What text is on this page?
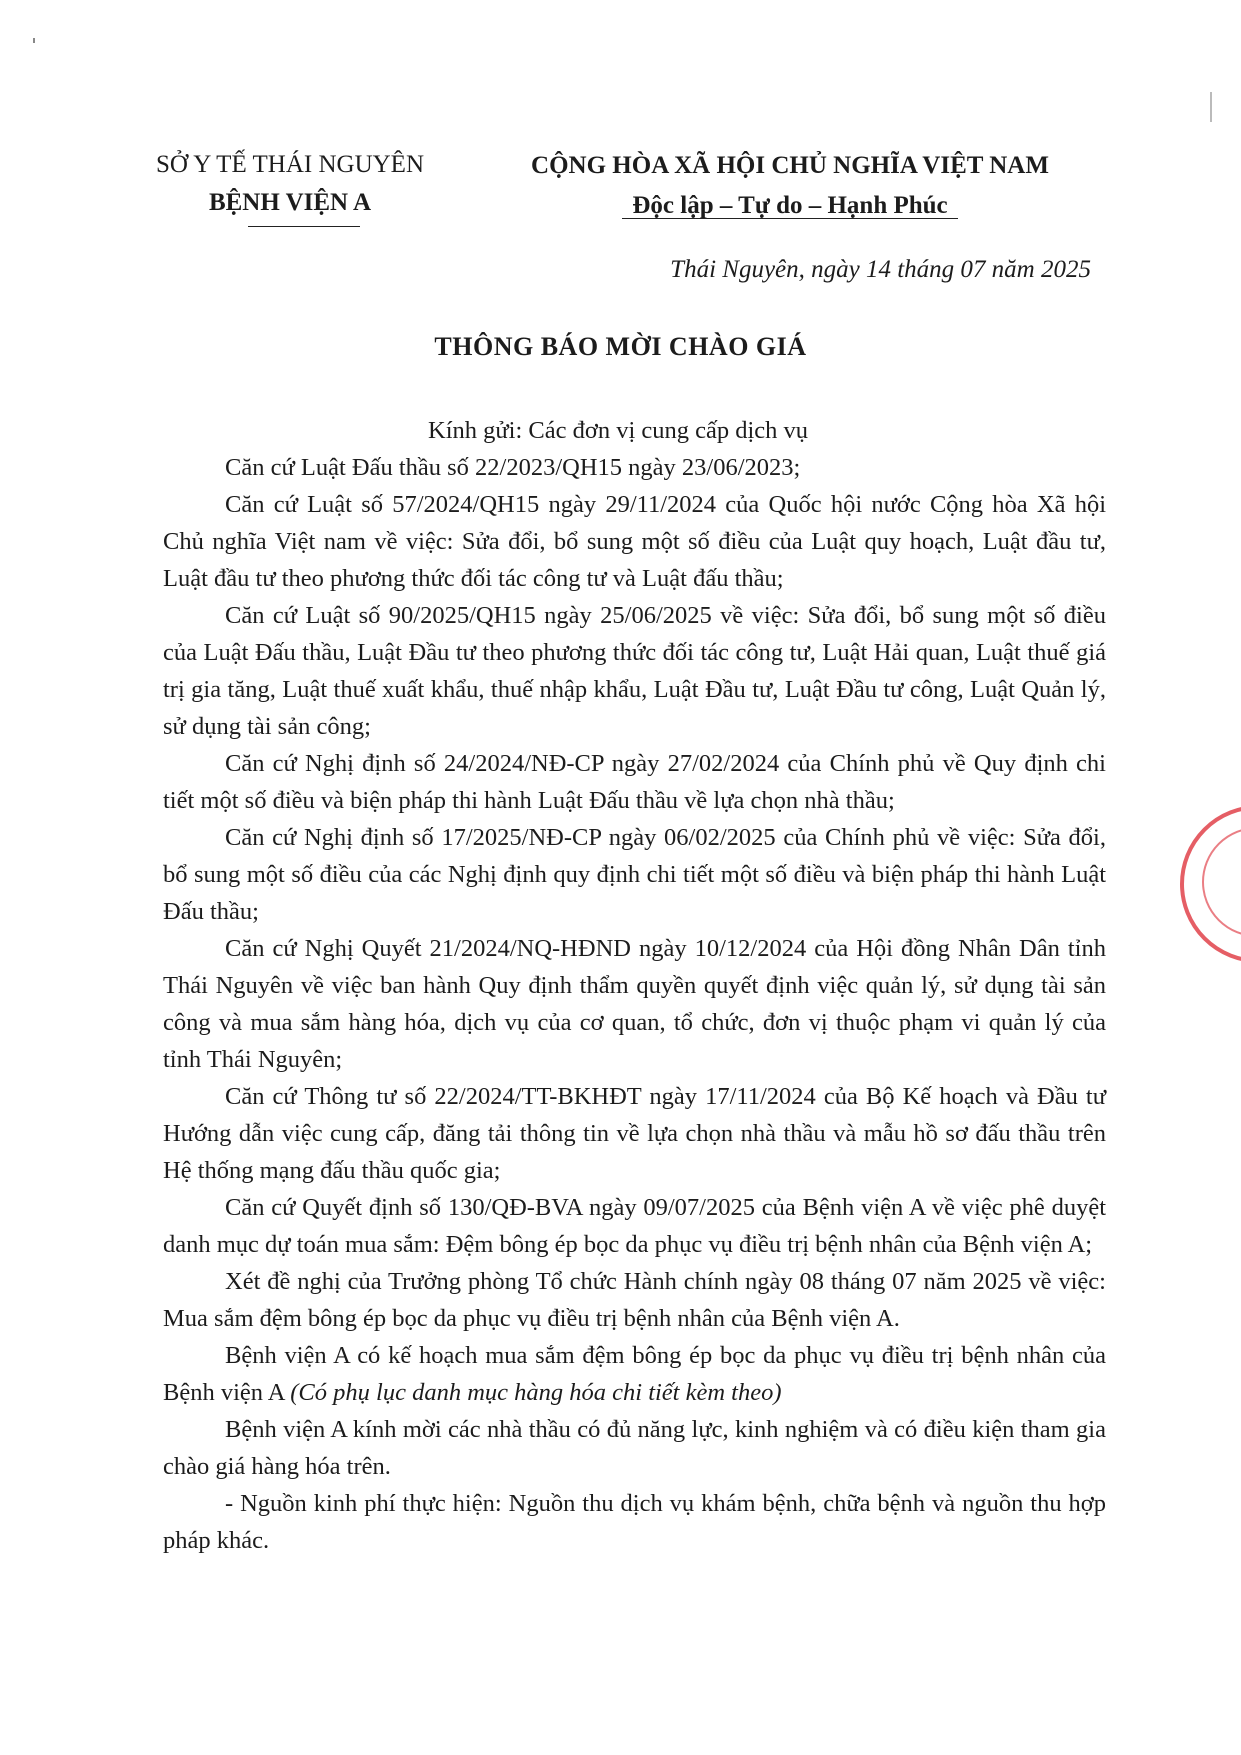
SỞ Y TẾ THÁI NGUYÊN
BỆNH VIỆN A
CỘNG HÒA XÃ HỘI CHỦ NGHĨA VIỆT NAM
Độc lập – Tự do – Hạnh Phúc
Thái Nguyên, ngày 14 tháng 07 năm 2025
THÔNG BÁO MỜI CHÀO GIÁ

Kính gửi: Các đơn vị cung cấp dịch vụ

Căn cứ Luật Đấu thầu số 22/2023/QH15 ngày 23/06/2023;

Căn cứ Luật số 57/2024/QH15 ngày 29/11/2024 của Quốc hội nước Cộng hòa Xã hội Chủ nghĩa Việt nam về việc: Sửa đổi, bổ sung một số điều của Luật quy hoạch, Luật đầu tư, Luật đầu tư theo phương thức đối tác công tư và Luật đấu thầu;

Căn cứ Luật số 90/2025/QH15 ngày 25/06/2025 về việc: Sửa đổi, bổ sung một số điều của Luật Đấu thầu, Luật Đầu tư theo phương thức đối tác công tư, Luật Hải quan, Luật thuế giá trị gia tăng, Luật thuế xuất khẩu, thuế nhập khẩu, Luật Đầu tư, Luật Đầu tư công, Luật Quản lý, sử dụng tài sản công;

Căn cứ Nghị định số 24/2024/NĐ-CP ngày 27/02/2024 của Chính phủ về Quy định chi tiết một số điều và biện pháp thi hành Luật Đấu thầu về lựa chọn nhà thầu;

Căn cứ Nghị định số 17/2025/NĐ-CP ngày 06/02/2025 của Chính phủ về việc: Sửa đổi, bổ sung một số điều của các Nghị định quy định chi tiết một số điều và biện pháp thi hành Luật Đấu thầu;

Căn cứ Nghị Quyết 21/2024/NQ-HĐND ngày 10/12/2024 của Hội đồng Nhân Dân tỉnh Thái Nguyên về việc ban hành Quy định thẩm quyền quyết định việc quản lý, sử dụng tài sản công và mua sắm hàng hóa, dịch vụ của cơ quan, tổ chức, đơn vị thuộc phạm vi quản lý của tỉnh Thái Nguyên;

Căn cứ Thông tư số 22/2024/TT-BKHĐT ngày 17/11/2024 của Bộ Kế hoạch và Đầu tư Hướng dẫn việc cung cấp, đăng tải thông tin về lựa chọn nhà thầu và mẫu hồ sơ đấu thầu trên Hệ thống mạng đấu thầu quốc gia;

Căn cứ Quyết định số 130/QĐ-BVA ngày 09/07/2025 của Bệnh viện A về việc phê duyệt danh mục dự toán mua sắm: Đệm bông ép bọc da phục vụ điều trị bệnh nhân của Bệnh viện A;

Xét đề nghị của Trưởng phòng Tổ chức Hành chính ngày 08 tháng 07 năm 2025 về việc: Mua sắm đệm bông ép bọc da phục vụ điều trị bệnh nhân của Bệnh viện A.

Bệnh viện A có kế hoạch mua sắm đệm bông ép bọc da phục vụ điều trị bệnh nhân của Bệnh viện A (Có phụ lục danh mục hàng hóa chi tiết kèm theo)

Bệnh viện A kính mời các nhà thầu có đủ năng lực, kinh nghiệm và có điều kiện tham gia chào giá hàng hóa trên.

- Nguồn kinh phí thực hiện: Nguồn thu dịch vụ khám bệnh, chữa bệnh và nguồn thu hợp pháp khác.
